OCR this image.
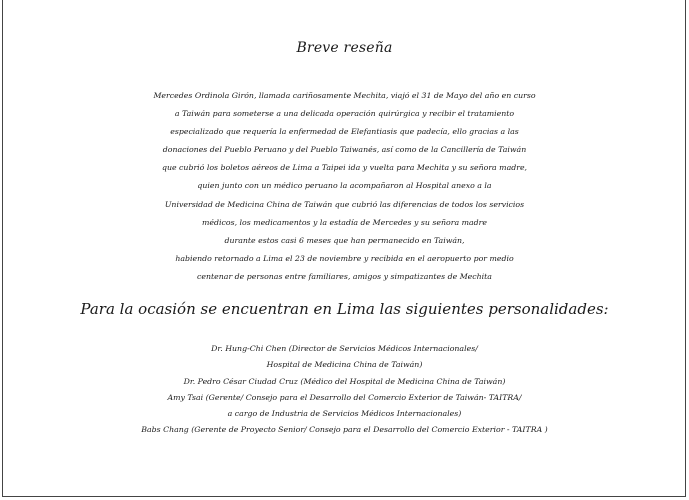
Breve reseña
Mercedes Ordinola Girón, llamada cariñosamente Mechita, viajó el 31 de Mayo del año en curso
a Taiwán para someterse a una delicada operación quirúrgica y recibir el tratamiento
especializado que requería la enfermedad de Elefantiasis que padecía, ello gracias a las
donaciones del Pueblo Peruano y del Pueblo Taiwanés, así como de la Cancillería de Taiwán
que cubrió los boletos aéreos de Lima a Taipei ida y vuelta para Mechita y su señora madre,
quien junto con un médico peruano la acompañaron al Hospital anexo a la
Universidad de Medicina China de Taiwán que cubrió las diferencias de todos los servicios
médicos, los medicamentos y la estadía de Mercedes y su señora madre
durante estos casi 6 meses que han permanecido en Taiwán,
habiendo retornado a Lima el 23 de noviembre y recibida en el aeropuerto por medio
centenar de personas entre familiares, amigos y simpatizantes de Mechita
Para la ocasión se encuentran en Lima las siguientes personalidades:
Dr. Hung-Chi Chen (Director de Servicios Médicos Internacionales/
Hospital de Medicina China de Taiwán)
Dr. Pedro César Ciudad Cruz (Médico del Hospital de Medicina China de Taiwán)
Amy Tsai (Gerente/ Consejo para el Desarrollo del Comercio Exterior de Taiwán- TAITRA/
a cargo de Industria de Servicios Médicos Internacionales)
Babs Chang (Gerente de Proyecto Senior/ Consejo para el Desarrollo del Comercio Exterior - TAITRA )
